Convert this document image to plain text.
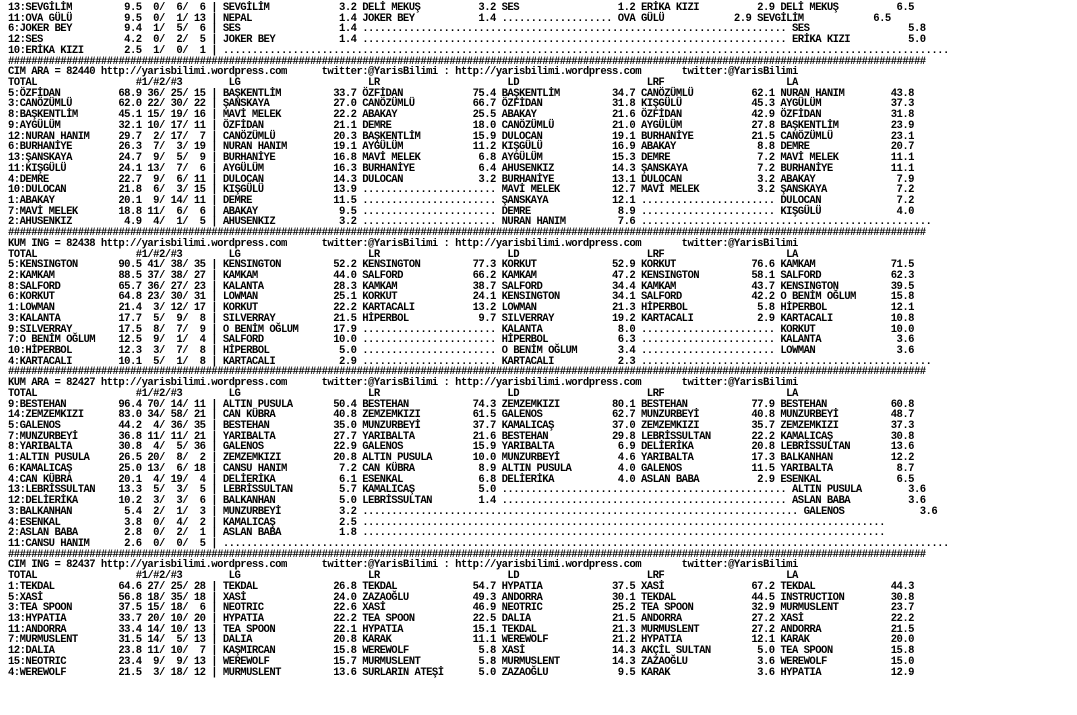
13:SEVGİLİM         9.5  0/  6/  6 | SEVGİLİM            3.2 DELİ MEKUŞ          3.2 SES                 1.2 ERİKA KIZI          2.9 DELİ MEKUŞ          6.5
11:OVA GÜLÜ         9.5  0/  1/ 13 | NEPAL               1.4 JOKER BEY           1.4 ................... OVA GÜLÜ            2.9 SEVGİLİM            6.5
6:JOKER BEY         9.4  1/  5/  6 | SES                 1.4 ......................................................................... SES                 5.8
12:SES              4.2  0/  2/  5 | JOKER BEY           1.4 ......................................................................... ERİKA KIZI          5.0
10:ERİKA KIZI       2.5  1/  0/  1 | .............................................................................................................................
##############################################################################################################################################################
CIM ARA = 82440 http://yarisbilimi.wordpress.com      twitter:@YarisBilimi : http://yarisbilimi.wordpress.com       twitter:@YarisBilimi
TOTAL                 #1/#2/#3        LG                      LR                      LD                      LRF                     LA
5:ÖZFİDAN          68.9 36/ 25/ 15 | BAŞKENTLİM         33.7 ÖZFİDAN            75.4 BAŞKENTLİM         34.7 CANÖZÜMLÜ          62.1 NURAN HANIM        43.8
3:CANÖZÜMLÜ        62.0 22/ 30/ 22 | ŞANSKAYA           27.0 CANÖZÜMLÜ          66.7 ÖZFİDAN            31.8 KIŞGÜLÜ            45.3 AYGÜLÜM            37.3
8:BAŞKENTLİM       45.1 15/ 19/ 16 | MAVİ MELEK         22.2 ABAKAY             25.5 ABAKAY             21.6 ÖZFİDAN            42.9 ÖZFİDAN            31.8
9:AYGÜLÜM          32.1 10/ 17/ 11 | ÖZFİDAN            21.1 DEMRE              18.0 CANÖZÜMLÜ          21.0 AYGÜLÜM            27.8 BAŞKENTLİM         23.9
12:NURAN HANIM     29.7  2/ 17/  7 | CANÖZÜMLÜ          20.3 BAŞKENTLİM         15.9 DULOCAN            19.1 BURHANİYE          21.5 CANÖZÜMLÜ          23.1
6:BURHANİYE        26.3  7/  3/ 19 | NURAN HANIM        19.1 AYGÜLÜM            11.2 KIŞGÜLÜ            16.9 ABAKAY              8.8 DEMRE              20.7
13:ŞANSKAYA        24.7  9/  5/  9 | BURHANİYE          16.8 MAVİ MELEK          6.8 AYGÜLÜM            15.3 DEMRE               7.2 MAVİ MELEK         11.1
11:KIŞGÜLÜ         24.1 13/  7/  6 | AYGÜLÜM            16.3 BURHANİYE           6.4 AHUSENKIZ          14.3 ŞANSKAYA            7.2 BURHANİYE          11.1
4:DEMRE            22.7  9/  6/ 11 | DULOCAN            14.3 DULOCAN             3.2 BURHANİYE          13.1 DULOCAN             3.2 ABAKAY              7.9
10:DULOCAN         21.8  6/  3/ 15 | KIŞGÜLÜ            13.9 ....................... MAVİ MELEK         12.7 MAVİ MELEK          3.2 ŞANSKAYA            7.2
1:ABAKAY           20.1  9/ 14/ 11 | DEMRE              11.5 ....................... ŞANSKAYA           12.1 ....................... DULOCAN             7.2
7:MAVİ MELEK       18.8 11/  6/  6 | ABAKAY              9.5 ....................... DEMRE               8.9 ....................... KIŞGÜLÜ             4.0
2:AHUSENKIZ         4.9  4/  1/  5 | AHUSENKIZ           3.2 ....................... NURAN HANIM         7.6 ..................................................
##############################################################################################################################################################
KUM ING = 82438 http://yarisbilimi.wordpress.com      twitter:@YarisBilimi : http://yarisbilimi.wordpress.com       twitter:@YarisBilimi
TOTAL                 #1/#2/#3        LG                      LR                      LD                      LRF                     LA
5:KENSINGTON       90.5 41/ 38/ 35 | KENSINGTON         52.2 KENSINGTON         77.3 KORKUT             52.9 KORKUT             76.6 KAMKAM             71.5
2:KAMKAM           88.5 37/ 38/ 27 | KAMKAM             44.0 SALFORD            66.2 KAMKAM             47.2 KENSINGTON         58.1 SALFORD            62.3
8:SALFORD          65.7 36/ 27/ 23 | KALANTA            28.3 KAMKAM             38.7 SALFORD            34.4 KAMKAM             43.7 KENSINGTON         39.5
6:KORKUT           64.8 23/ 30/ 31 | LOWMAN             25.1 KORKUT             24.1 KENSINGTON         34.1 SALFORD            42.2 O BENİM OĞLUM      15.8
1:LOWMAN           21.4  3/ 12/ 17 | KORKUT             22.2 KARTACALI          13.2 LOWMAN             21.3 HİPERBOL            5.8 HİPERBOL           12.1
3:KALANTA          17.7  5/  9/  8 | SILVERRAY          21.5 HİPERBOL            9.7 SILVERRAY          19.2 KARTACALI           2.9 KARTACALI          10.8
9:SILVERRAY        17.5  8/  7/  9 | O BENİM OĞLUM      17.9 ....................... KALANTA             8.0 ....................... KORKUT             10.0
7:O BENİM OĞLUM    12.5  9/  1/  4 | SALFORD            10.0 ....................... HİPERBOL            6.3 ....................... KALANTA             3.6
10:HİPERBOL        12.3  3/  7/  8 | HİPERBOL            5.0 ....................... O BENİM OĞLUM       3.4 ....................... LOWMAN              3.6
4:KARTACALI        10.1  5/  1/  8 | KARTACALI           2.9 ....................... KARTACALI           2.3 ..................................................
##############################################################################################################################################################
KUM ARA = 82427 http://yarisbilimi.wordpress.com      twitter:@YarisBilimi : http://yarisbilimi.wordpress.com       twitter:@YarisBilimi
TOTAL                 #1/#2/#3        LG                      LR                      LD                      LRF                     LA
9:BESTEHAN         96.4 70/ 14/ 11 | ALTIN PUSULA       50.4 BESTEHAN           74.3 ZEMZEMKIZI         80.1 BESTEHAN           77.9 BESTEHAN           60.8
14:ZEMZEMKIZI      83.0 34/ 58/ 21 | CAN KÜBRA          40.8 ZEMZEMKIZI         61.5 GALENOS            62.7 MUNZURBEYİ         40.8 MUNZURBEYİ         48.7
5:GALENOS          44.2  4/ 36/ 35 | BESTEHAN           35.0 MUNZURBEYİ         37.7 KAMALICAŞ          37.0 ZEMZEMKIZI         35.7 ZEMZEMKIZI         37.3
7:MUNZURBEYİ       36.8 11/ 11/ 21 | YARIBALTA          27.7 YARIBALTA          21.6 BESTEHAN           29.8 LEBRİSSULTAN       22.2 KAMALICAŞ          30.8
8:YARIBALTA        30.8  4/  5/ 36 | GALENOS            22.9 GALENOS            15.9 YARIBALTA           6.9 DELİERİKA          20.8 LEBRİSSULTAN       13.6
1:ALTIN PUSULA     26.5 20/  8/  2 | ZEMZEMKIZI         20.8 ALTIN PUSULA       10.0 MUNZURBEYİ          4.6 YARIBALTA          17.3 BALKANHAN          12.2
6:KAMALICAŞ        25.0 13/  6/ 18 | CANSU HANIM         7.2 CAN KÜBRA           8.9 ALTIN PUSULA        4.0 GALENOS            11.5 YARIBALTA           8.7
4:CAN KÜBRA        20.1  4/ 19/  4 | DELİERİKA           6.1 ESENKAL             6.8 DELİERİKA           4.0 ASLAN BABA          2.9 ESENKAL             6.5
13:LEBRİSSULTAN    13.3  5/  3/  5 | LEBRİSSULTAN        5.7 KAMALICAŞ           5.0 ................................................. ALTIN PUSULA        3.6
12:DELİERİKA       10.2  3/  3/  6 | BALKANHAN           5.0 LEBRİSSULTAN        1.4 ................................................. ASLAN BABA          3.6
3:BALKANHAN         5.4  2/  1/  3 | MUNZURBEYİ          3.2 ........................................................................... GALENOS             3.6
4:ESENKAL           3.8  0/  4/  2 | KAMALICAŞ           2.5 ..........................................................................................
2:ASLAN BABA        2.8  0/  2/  1 | ASLAN BABA          1.8 ..........................................................................................
11:CANSU HANIM      2.6  0/  0/  5 | .............................................................................................................................
##############################################################################################################################################################
CIM ING = 82437 http://yarisbilimi.wordpress.com      twitter:@YarisBilimi : http://yarisbilimi.wordpress.com       twitter:@YarisBilimi
TOTAL                 #1/#2/#3        LG                      LR                      LD                      LRF                     LA
1:TEKDAL           64.6 27/ 25/ 28 | TEKDAL             26.8 TEKDAL             54.7 HYPATIA            37.5 XASİ               67.2 TEKDAL             44.3
5:XASİ             56.8 18/ 35/ 18 | XASİ               24.0 ZAZAOĞLU           49.3 ANDORRA            30.1 TEKDAL             44.5 INSTRUCTION        30.8
3:TEA SPOON        37.5 15/ 18/  6 | NEOTRIC            22.6 XASİ               46.9 NEOTRIC            25.2 TEA SPOON          32.9 MURMUSLENT         23.7
13:HYPATIA         33.7 20/ 10/ 20 | HYPATIA            22.2 TEA SPOON          22.5 DALIA              21.5 ANDORRA            27.2 XASİ               22.2
11:ANDORRA         33.4 14/ 10/ 13 | TEA SPOON          22.1 HYPATIA            15.1 TEKDAL             21.3 MURMUSLENT         27.2 ANDORRA            21.5
7:MURMUSLENT       31.5 14/  5/ 13 | DALIA              20.8 KARAK              11.1 WEREWOLF           21.2 HYPATIA            12.1 KARAK              20.0
12:DALIA           23.8 11/ 10/  7 | KAŞMIRCAN          15.8 WEREWOLF            5.8 XASİ               14.3 AKÇİL SULTAN        5.0 TEA SPOON          15.8
15:NEOTRIC         23.4  9/  9/ 13 | WEREWOLF           15.7 MURMUSLENT          5.8 MURMUSLENT         14.3 ZAZAOĞLU            3.6 WEREWOLF           15.0
4:WEREWOLF         21.5  3/ 18/ 12 | MURMUSLENT         13.6 SURLARIN ATEŞİ      5.0 ZAZAOĞLU            9.5 KARAK               3.6 HYPATIA            12.9
